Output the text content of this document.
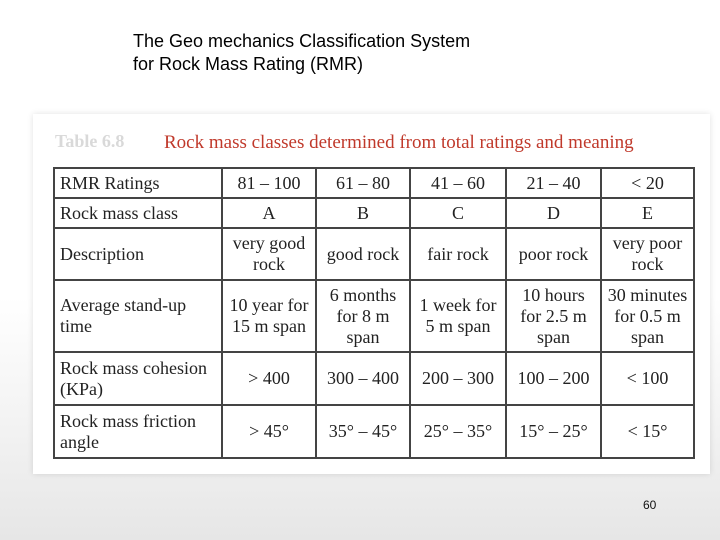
The Geo mechanics Classification System
for Rock Mass Rating (RMR)
Table 6.8 Rock mass classes determined from total ratings and meaning
RMR Ratings	81 – 100	61 – 80	41 – 60	21 – 40	< 20
Rock mass class	A	B	C	D	E
Description	very good rock	good rock	fair rock	poor rock	very poor rock
Average stand-up time	10 year for 15 m span	6 months for 8 m span	1 week for 5 m span	10 hours for 2.5 m span	30 minutes for 0.5 m span
Rock mass cohesion (KPa)	> 400	300 – 400	200 – 300	100 – 200	< 100
Rock mass friction angle	> 45°	35° – 45°	25° – 35°	15° – 25°	< 15°
60
